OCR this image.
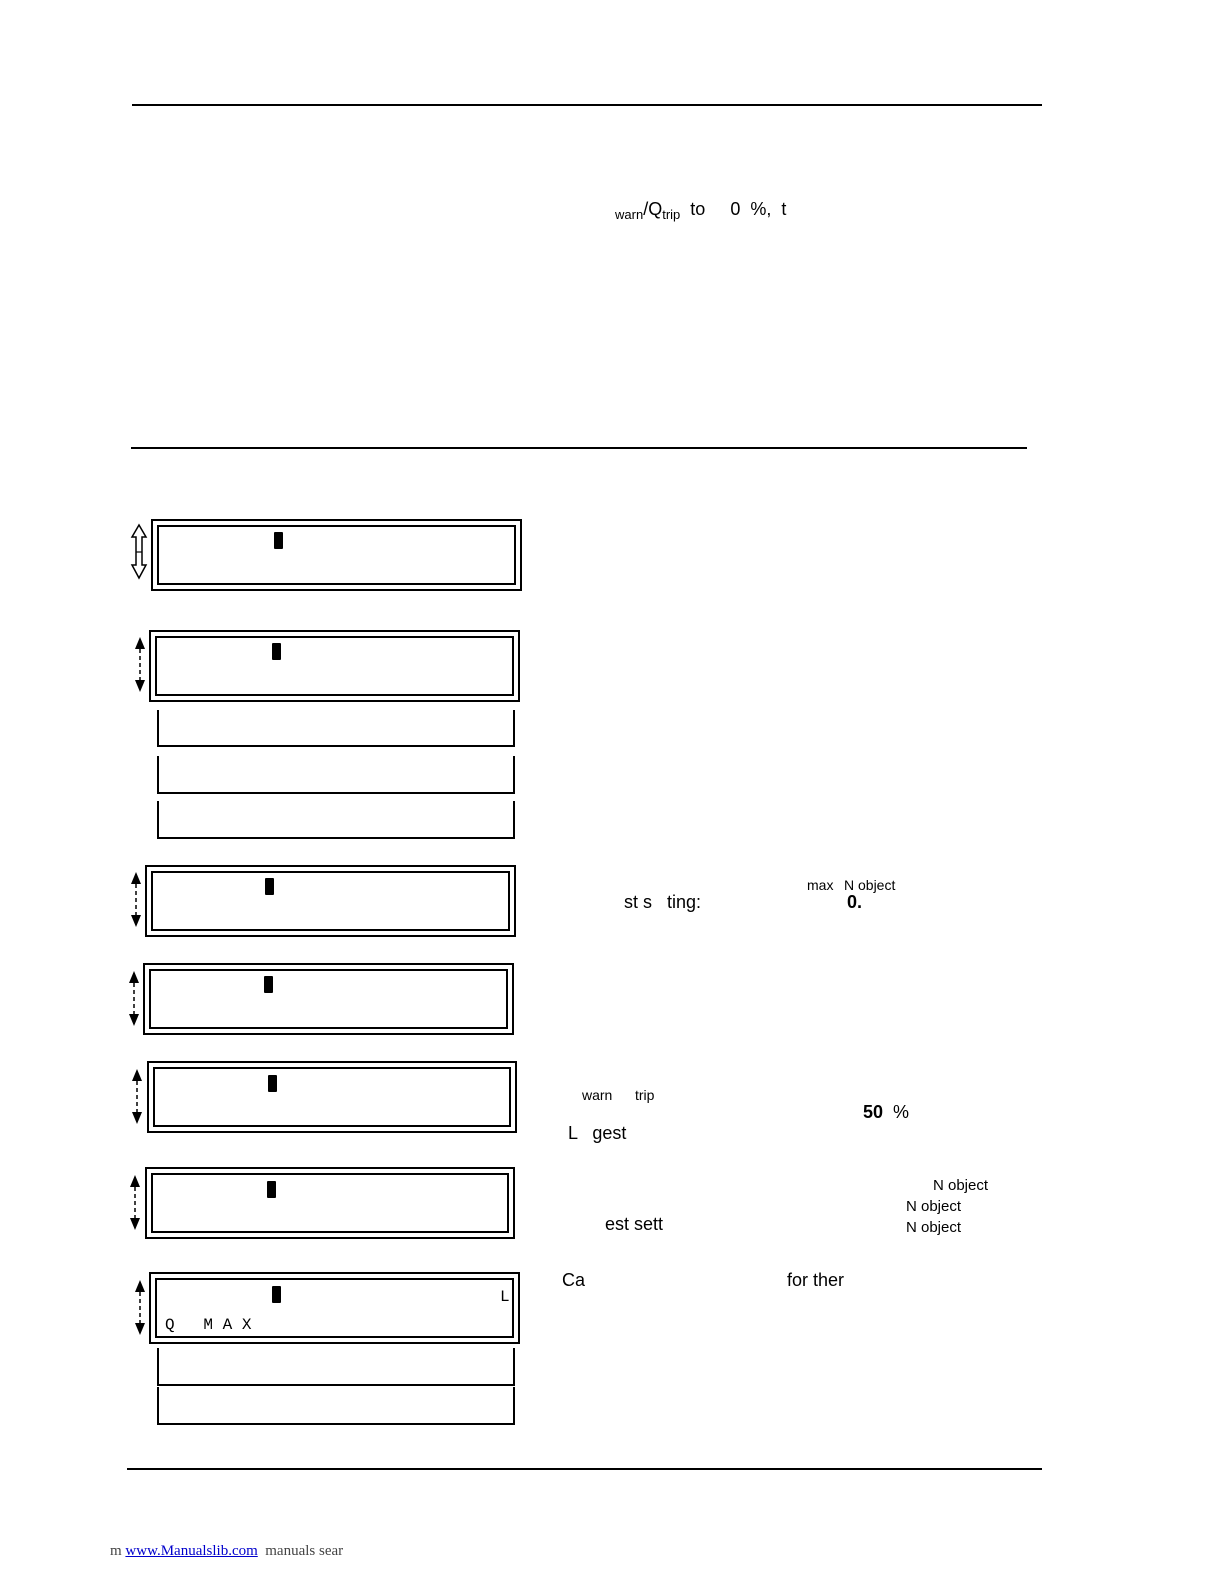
$_{warn}/Q_{trip}$ to 0  %,  t
max N object
st s   ting:	0.
warn trip
50 %
L   gest
N object
N object
N object
est sett
L
Q   M A X
Ca	for ther
m www.Manualslib.com manuals sear
